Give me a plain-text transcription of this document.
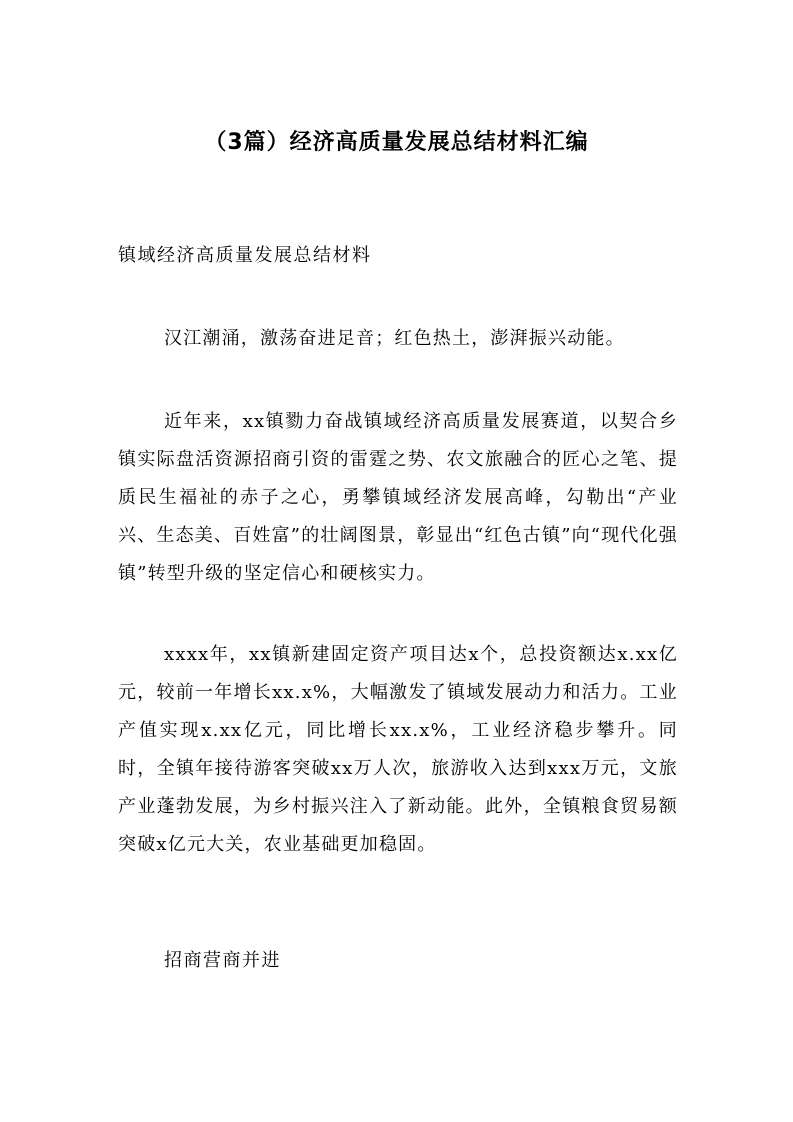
（3篇）经济高质量发展总结材料汇编
镇域经济高质量发展总结材料

汉江潮涌，激荡奋进足音；红色热土，澎湃振兴动能。

近年来，xx镇勠力奋战镇域经济高质量发展赛道，以契合乡镇实际盘活资源招商引资的雷霆之势、农文旅融合的匠心之笔、提质民生福祉的赤子之心，勇攀镇域经济发展高峰，勾勒出“产业兴、生态美、百姓富”的壮阔图景，彰显出“红色古镇”向“现代化强镇”转型升级的坚定信心和硬核实力。

xxxx年，xx镇新建固定资产项目达x个，总投资额达x.xx亿元，较前一年增长xx.x%，大幅激发了镇域发展动力和活力。工业产值实现x.xx亿元，同比增长xx.x%，工业经济稳步攀升。同时，全镇年接待游客突破xx万人次，旅游收入达到xxx万元，文旅产业蓬勃发展，为乡村振兴注入了新动能。此外，全镇粮食贸易额突破x亿元大关，农业基础更加稳固。

招商营商并进
